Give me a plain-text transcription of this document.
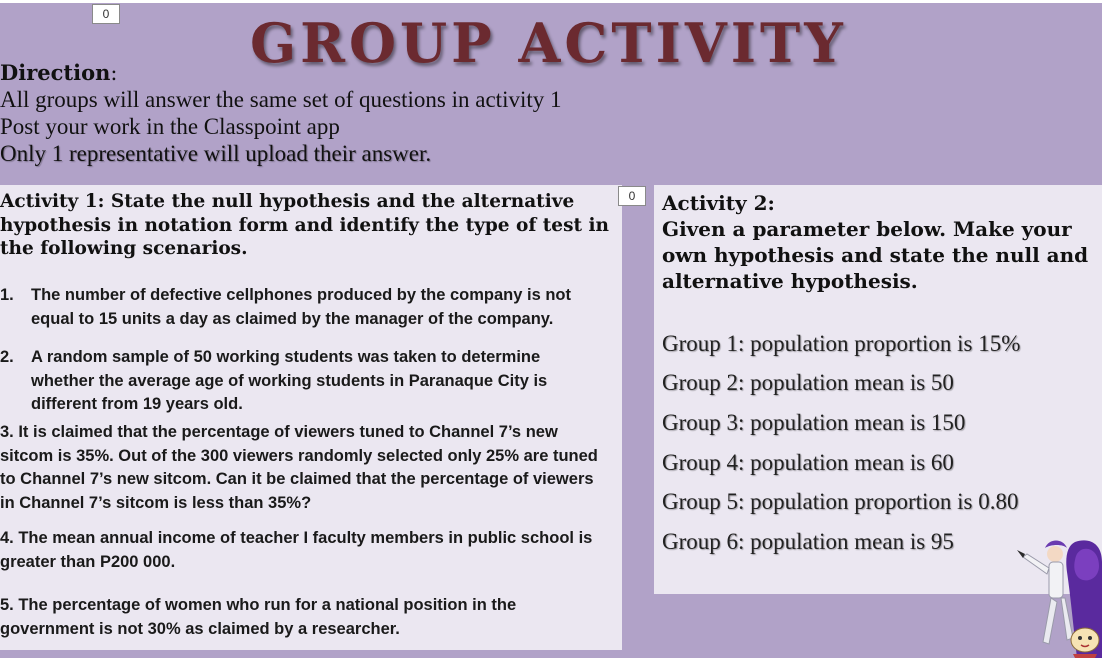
0	GROUP ACTIVITY
Direction:
All groups will answer the same set of questions in activity 1
Post your work in the Classpoint app
Only 1 representative will upload their answer.
Activity 1: State the null hypothesis and the alternative hypothesis in notation form and identify the type of test in the following scenarios.
1. The number of defective cellphones produced by the company is not equal to 15 units a day as claimed by the manager of the company.
2. A random sample of 50 working students was taken to determine whether the average age of working students in Paranaque City is different from 19 years old.
3. It is claimed that the percentage of viewers tuned to Channel 7’s new sitcom is 35%. Out of the 300 viewers randomly selected only 25% are tuned to Channel 7’s new sitcom. Can it be claimed that the percentage of viewers in Channel 7’s sitcom is less than 35%?
4. The mean annual income of teacher I faculty members in public school is greater than P200 000.
5. The percentage of women who run for a national position in the government is not 30% as claimed by a researcher.
0	Activity 2:
Given a parameter below. Make your own hypothesis and state the null and alternative hypothesis.
Group 1: population proportion is 15%
Group 2: population mean is 50
Group 3: population mean is 150
Group 4: population mean is 60
Group 5: population proportion is 0.80
Group 6: population mean is 95
